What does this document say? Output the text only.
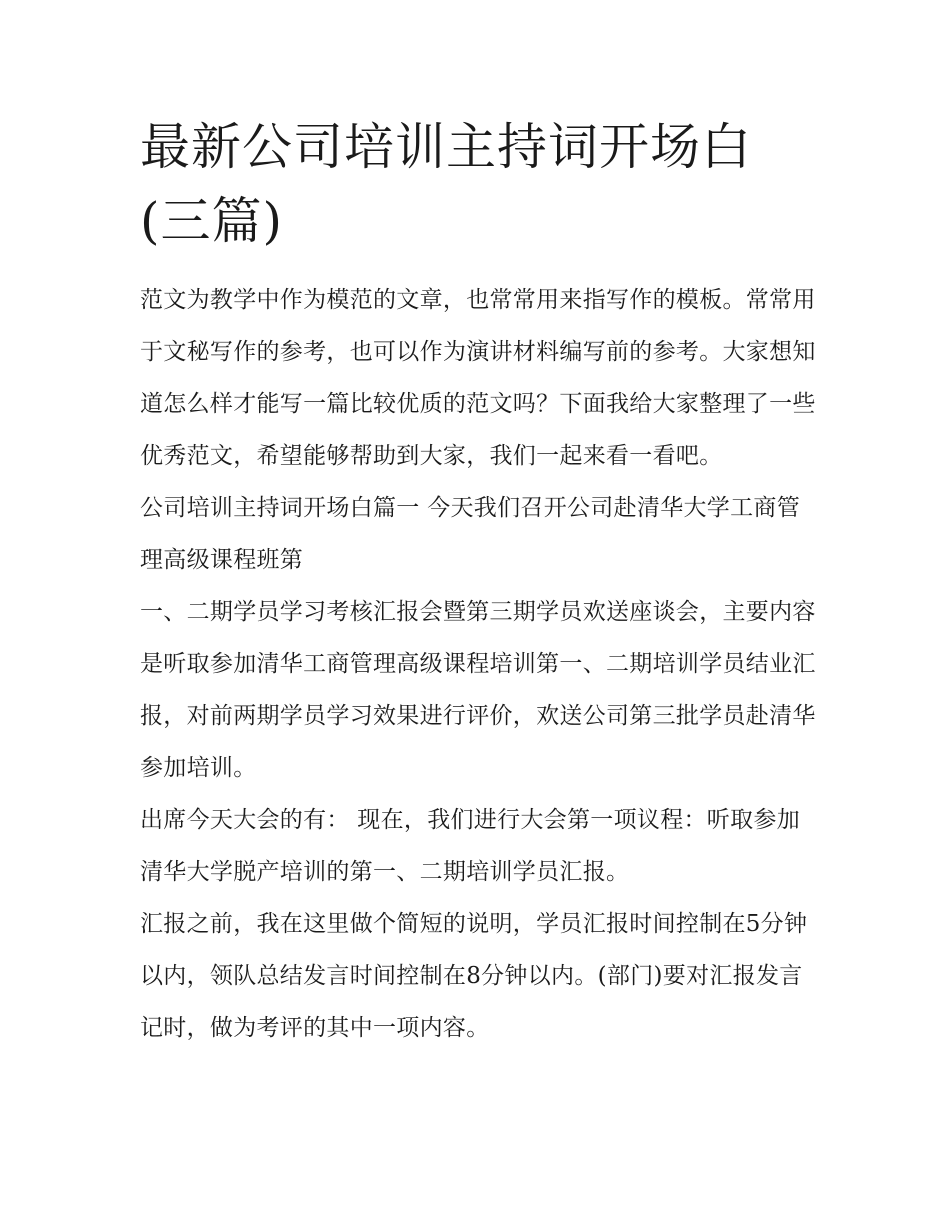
最新公司培训主持词开场白(三篇)

范文为教学中作为模范的文章，也常常用来指写作的模板。常常用于文秘写作的参考，也可以作为演讲材料编写前的参考。大家想知道怎么样才能写一篇比较优质的范文吗？下面我给大家整理了一些优秀范文，希望能够帮助到大家，我们一起来看一看吧。

公司培训主持词开场白篇一 今天我们召开公司赴清华大学工商管理高级课程班第

一、二期学员学习考核汇报会暨第三期学员欢送座谈会，主要内容是听取参加清华工商管理高级课程培训第一、二期培训学员结业汇报，对前两期学员学习效果进行评价，欢送公司第三批学员赴清华参加培训。

出席今天大会的有： 现在，我们进行大会第一项议程：听取参加清华大学脱产培训的第一、二期培训学员汇报。

汇报之前，我在这里做个简短的说明，学员汇报时间控制在5分钟以内，领队总结发言时间控制在8分钟以内。(部门)要对汇报发言记时，做为考评的其中一项内容。
